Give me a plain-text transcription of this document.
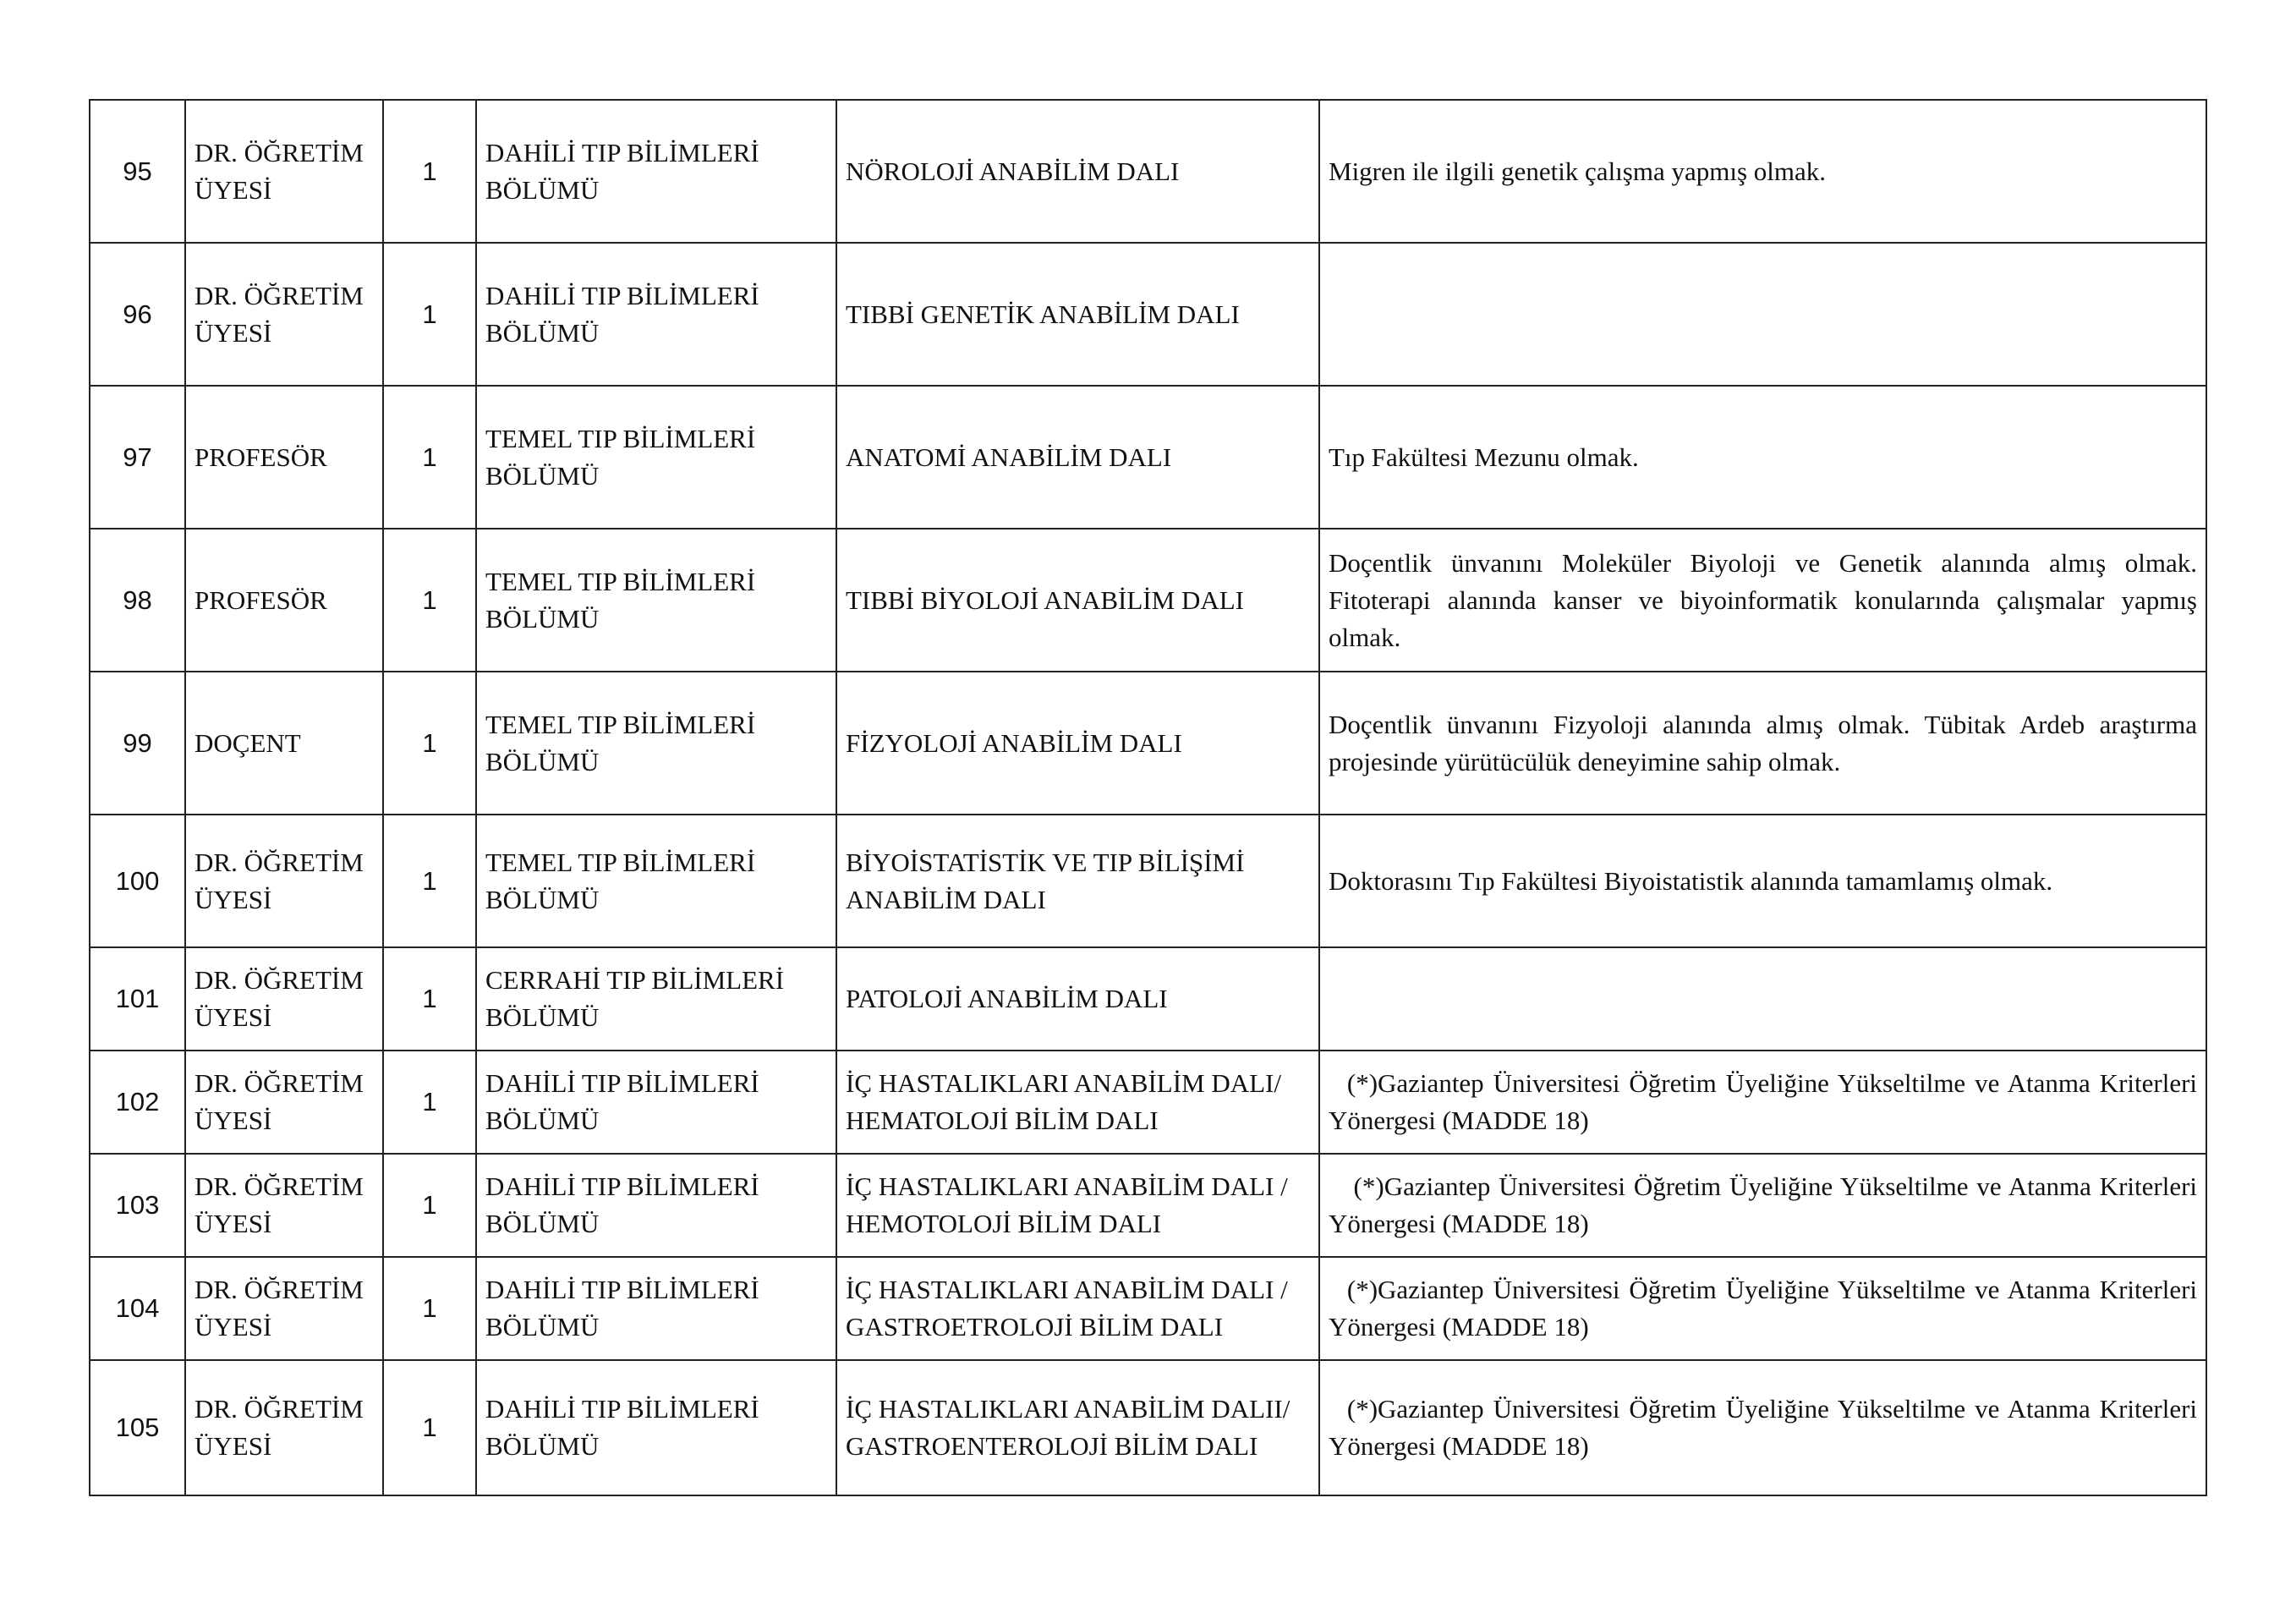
95	DR. ÖĞRETİM ÜYESİ	1	DAHİLİ TIP BİLİMLERİ BÖLÜMÜ	NÖROLOJİ ANABİLİM DALI	Migren ile ilgili genetik çalışma yapmış olmak.

96	DR. ÖĞRETİM ÜYESİ	1	DAHİLİ TIP BİLİMLERİ BÖLÜMÜ	TIBBİ GENETİK ANABİLİM DALI	

97	PROFESÖR	1	TEMEL TIP BİLİMLERİ BÖLÜMÜ	ANATOMİ ANABİLİM DALI	Tıp Fakültesi Mezunu olmak.

98	PROFESÖR	1	TEMEL TIP BİLİMLERİ BÖLÜMÜ	TIBBİ BİYOLOJİ ANABİLİM DALI	Doçentlik ünvanını Moleküler Biyoloji ve Genetik alanında almış olmak. Fitoterapi alanında kanser ve biyoinformatik konularında çalışmalar yapmış olmak.

99	DOÇENT	1	TEMEL TIP BİLİMLERİ BÖLÜMÜ	FİZYOLOJİ ANABİLİM DALI	Doçentlik ünvanını Fizyoloji alanında almış olmak. Tübitak Ardeb araştırma projesinde yürütücülük deneyimine sahip olmak.

100	DR. ÖĞRETİM ÜYESİ	1	TEMEL TIP BİLİMLERİ BÖLÜMÜ	BİYOİSTATİSTİK VE TIP BİLİŞİMİ ANABİLİM DALI	Doktorasını Tıp Fakültesi Biyoistatistik alanında tamamlamış olmak.

101	DR. ÖĞRETİM ÜYESİ	1	CERRAHİ TIP BİLİMLERİ BÖLÜMÜ	PATOLOJİ ANABİLİM DALI	

102	DR. ÖĞRETİM ÜYESİ	1	DAHİLİ TIP BİLİMLERİ BÖLÜMÜ	İÇ HASTALIKLARI ANABİLİM DALI/ HEMATOLOJİ BİLİM DALI	(*)Gaziantep Üniversitesi Öğretim Üyeliğine Yükseltilme ve Atanma Kriterleri Yönergesi (MADDE 18)

103	DR. ÖĞRETİM ÜYESİ	1	DAHİLİ TIP BİLİMLERİ BÖLÜMÜ	İÇ HASTALIKLARI ANABİLİM DALI / HEMOTOLOJİ BİLİM DALI	(*)Gaziantep Üniversitesi Öğretim Üyeliğine Yükseltilme ve Atanma Kriterleri Yönergesi (MADDE 18)

104	DR. ÖĞRETİM ÜYESİ	1	DAHİLİ TIP BİLİMLERİ BÖLÜMÜ	İÇ HASTALIKLARI ANABİLİM DALI / GASTROETROLOJİ BİLİM DALI	(*)Gaziantep Üniversitesi Öğretim Üyeliğine Yükseltilme ve Atanma Kriterleri Yönergesi (MADDE 18)

105	DR. ÖĞRETİM ÜYESİ	1	DAHİLİ TIP BİLİMLERİ BÖLÜMÜ	İÇ HASTALIKLARI ANABİLİM DALII/ GASTROENTEROLOJİ BİLİM DALI	(*)Gaziantep Üniversitesi Öğretim Üyeliğine Yükseltilme ve Atanma Kriterleri Yönergesi (MADDE 18)
